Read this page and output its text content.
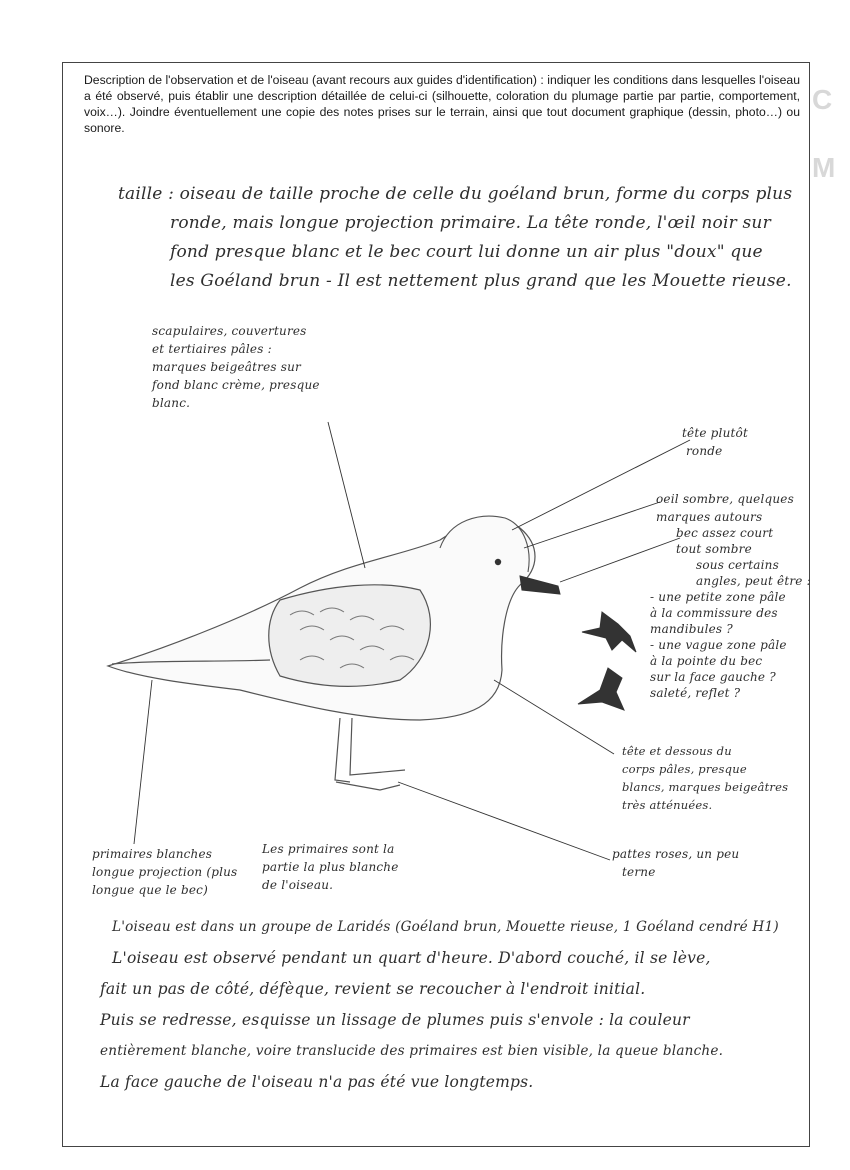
C
M

Description de l'observation et de l'oiseau (avant recours aux guides d'identification) : indiquer les conditions dans lesquelles l'oiseau a été observé, puis établir une description détaillée de celui-ci (silhouette, coloration du plumage partie par partie, comportement, voix…). Joindre éventuellement une copie des notes prises sur le terrain, ainsi que tout document graphique (dessin, photo…) ou sonore.

taille : oiseau de taille proche de celle du goéland brun, forme du corps plus
ronde, mais longue projection primaire. La tête ronde, l'œil noir sur
fond presque blanc et le bec court lui donne un air plus "doux" que
les Goéland brun - Il est nettement plus grand que les Mouette rieuse.
scapulaires, couvertures
et tertiaires pâles :
marques beigeâtres sur
fond blanc crème, presque
blanc.
tête plutôt
ronde
oeil sombre, quelques
marques autours
bec assez court
tout sombre
sous certains
angles, peut être :
- une petite zone pâle
à la commissure des
mandibules ?
- une vague zone pâle
à la pointe du bec
sur la face gauche ?
saleté, reflet ?
tête et dessous du
corps pâles, presque
blancs, marques beigeâtres
très atténuées.
pattes roses, un peu
terne
primaires blanches
longue projection (plus
longue que le bec)
Les primaires sont la
partie la plus blanche
de l'oiseau.
L'oiseau est dans un groupe de Laridés (Goéland brun, Mouette rieuse, 1 Goéland cendré H1)
L'oiseau est observé pendant un quart d'heure. D'abord couché, il se lève,
fait un pas de côté, défèque, revient se recoucher à l'endroit initial.
Puis se redresse, esquisse un lissage de plumes puis s'envole : la couleur
entièrement blanche, voire translucide des primaires est bien visible, la queue blanche.
La face gauche de l'oiseau n'a pas été vue longtemps.
